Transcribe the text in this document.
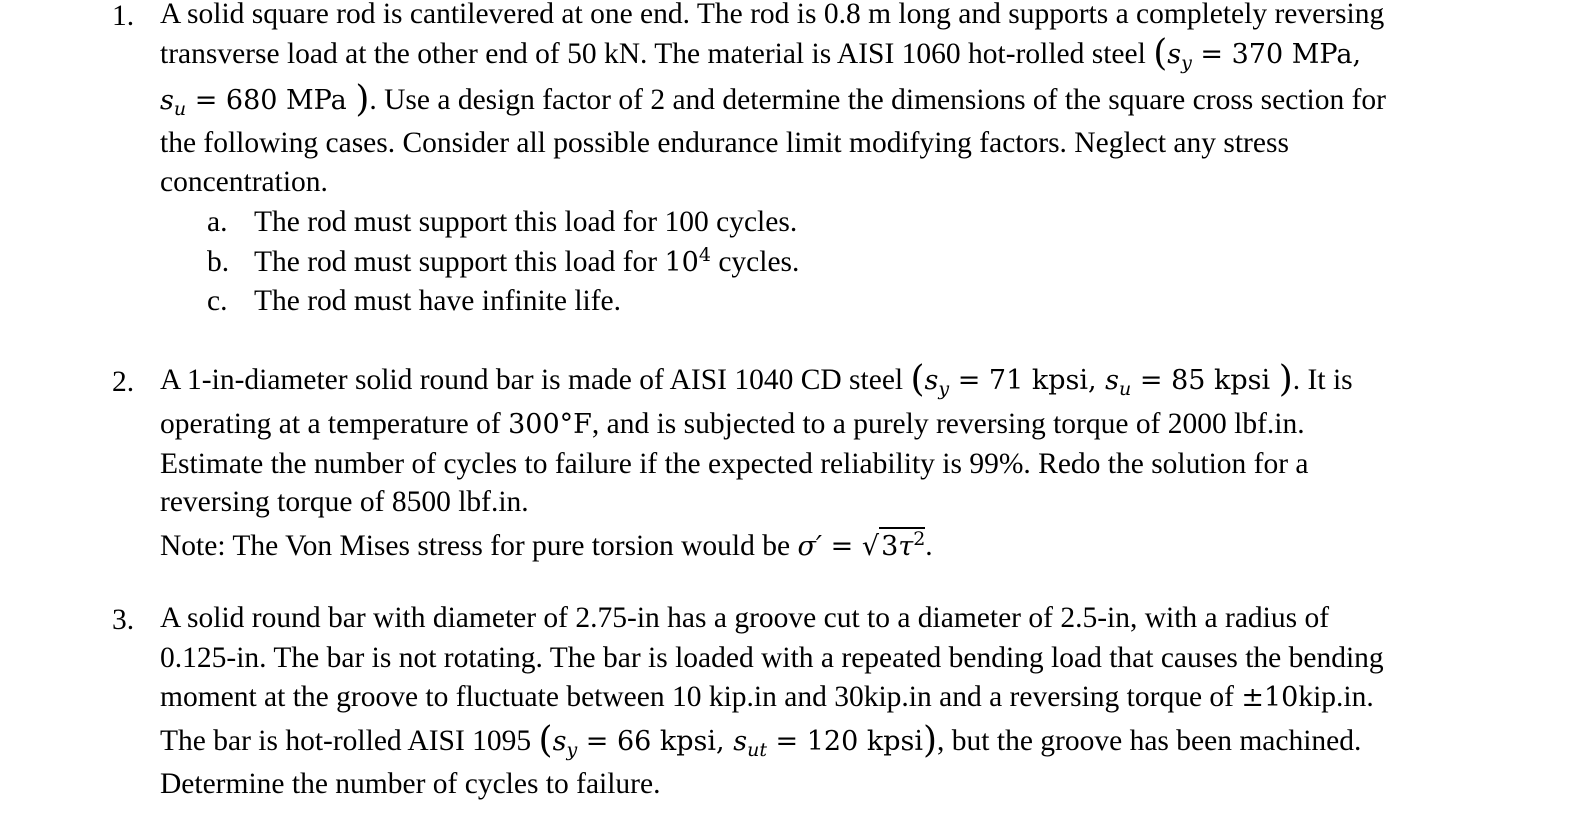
1. A solid square rod is cantilevered at one end. The rod is 0.8 m long and supports a completely reversing
transverse load at the other end of 50 kN. The material is AISI 1060 hot-rolled steel ($s_y = 370$ MPa,
$s_u = 680$ MPa ). Use a design factor of 2 and determine the dimensions of the square cross section for
the following cases. Consider all possible endurance limit modifying factors. Neglect any stress
concentration.
a. The rod must support this load for 100 cycles.
b. The rod must support this load for $10^4$ cycles.
c. The rod must have infinite life.
2. A 1-in-diameter solid round bar is made of AISI 1040 CD steel ($s_y = 71$ kpsi, $s_u = 85$ kpsi ). It is
operating at a temperature of 300°F, and is subjected to a purely reversing torque of 2000 lbf.in.
Estimate the number of cycles to failure if the expected reliability is 99%. Redo the solution for a
reversing torque of 8500 lbf.in.
Note: The Von Mises stress for pure torsion would be $\sigma' = √3\tau^2$.
3. A solid round bar with diameter of 2.75-in has a groove cut to a diameter of 2.5-in, with a radius of
0.125-in. The bar is not rotating. The bar is loaded with a repeated bending load that causes the bending
moment at the groove to fluctuate between 10 kip.in and 30kip.in and a reversing torque of ±10kip.in.
The bar is hot-rolled AISI 1095 ($s_y = 66$ kpsi, $s_{ut} = 120$ kpsi), but the groove has been machined.
Determine the number of cycles to failure.
